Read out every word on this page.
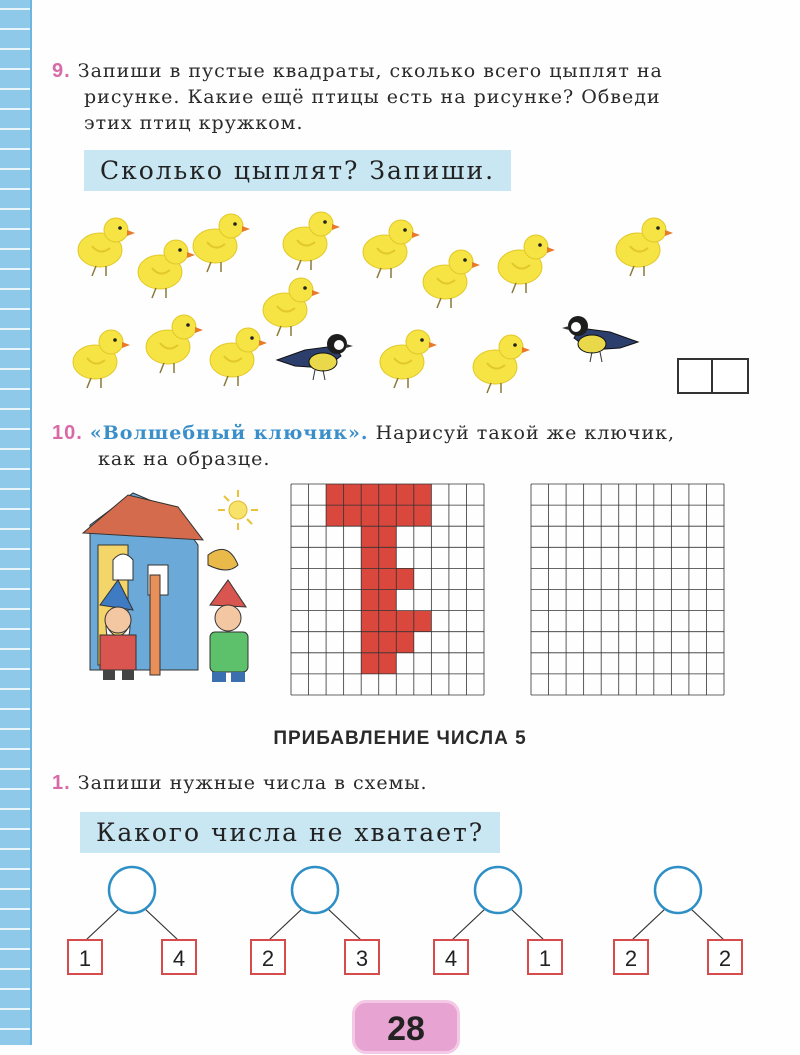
9. Запиши в пустые квадраты, сколько всего цыплят на
рисунке. Какие ещё птицы есть на рисунке? Обведи
этих птиц кружком.
Сколько цыплят? Запиши.
10. «Волшебный ключик». Нарисуй такой же ключик,
как на образце.
ПРИБАВЛЕНИЕ ЧИСЛА 5
1. Запиши нужные числа в схемы.
Какого числа не хватает?
1	4	2	3	4	1	2	2
28
